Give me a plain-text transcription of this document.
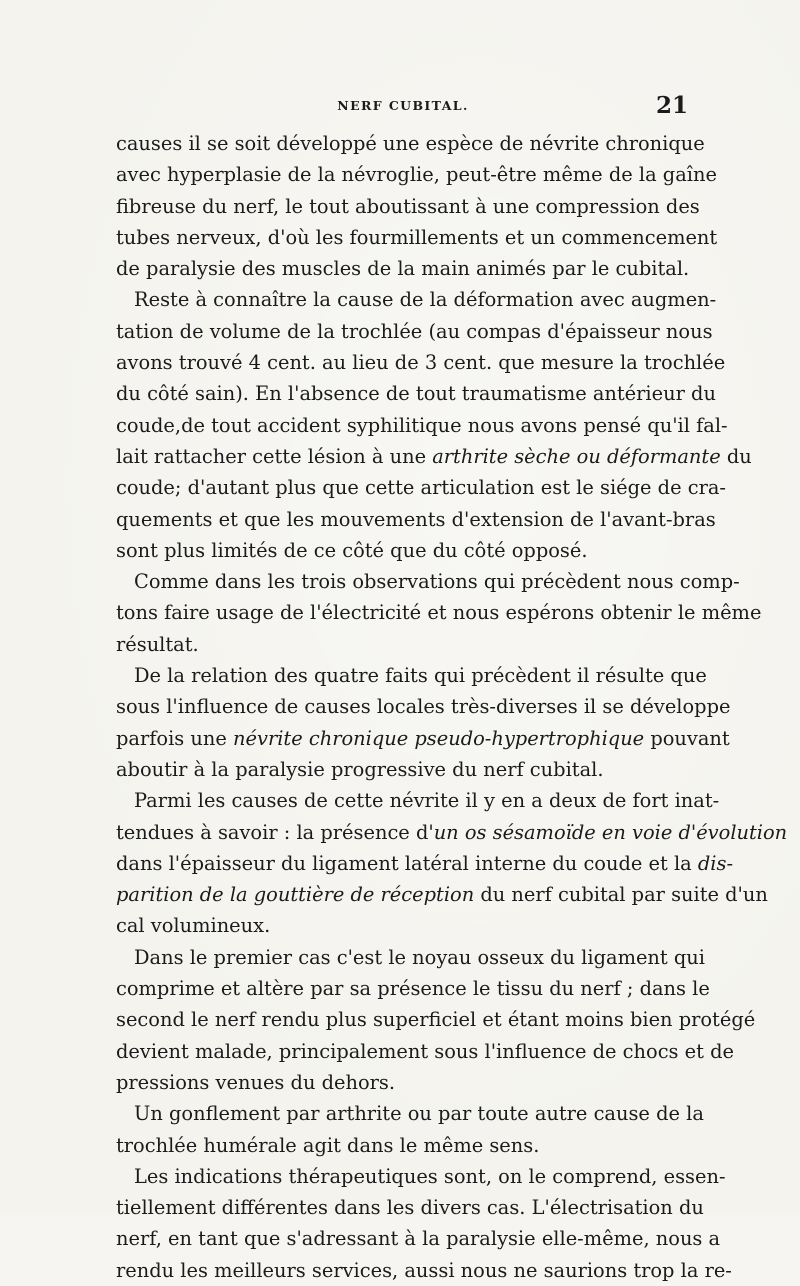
NERF CUBITAL.	21
causes il se soit développé une espèce de névrite chronique
avec hyperplasie de la névroglie, peut-être même de la gaîne
fibreuse du nerf, le tout aboutissant à une compression des
tubes nerveux, d'où les fourmillements et un commencement
de paralysie des muscles de la main animés par le cubital.
Reste à connaître la cause de la déformation avec augmen-
tation de volume de la trochlée (au compas d'épaisseur nous
avons trouvé 4 cent. au lieu de 3 cent. que mesure la trochlée
du côté sain). En l'absence de tout traumatisme antérieur du
coude,de tout accident syphilitique nous avons pensé qu'il fal-
lait rattacher cette lésion à une arthrite sèche ou déformante du
coude; d'autant plus que cette articulation est le siége de cra-
quements et que les mouvements d'extension de l'avant-bras
sont plus limités de ce côté que du côté opposé.
Comme dans les trois observations qui précèdent nous comp-
tons faire usage de l'électricité et nous espérons obtenir le même
résultat.
De la relation des quatre faits qui précèdent il résulte que
sous l'influence de causes locales très-diverses il se développe
parfois une névrite chronique pseudo-hypertrophique pouvant
aboutir à la paralysie progressive du nerf cubital.
Parmi les causes de cette névrite il y en a deux de fort inat-
tendues à savoir : la présence d'un os sésamoïde en voie d'évolution
dans l'épaisseur du ligament latéral interne du coude et la dis-
parition de la gouttière de réception du nerf cubital par suite d'un
cal volumineux.
Dans le premier cas c'est le noyau osseux du ligament qui
comprime et altère par sa présence le tissu du nerf ; dans le
second le nerf rendu plus superficiel et étant moins bien protégé
devient malade, principalement sous l'influence de chocs et de
pressions venues du dehors.
Un gonflement par arthrite ou par toute autre cause de la
trochlée humérale agit dans le même sens.
Les indications thérapeutiques sont, on le comprend, essen-
tiellement différentes dans les divers cas. L'électrisation du
nerf, en tant que s'adressant à la paralysie elle-même, nous a
rendu les meilleurs services, aussi nous ne saurions trop la re-
